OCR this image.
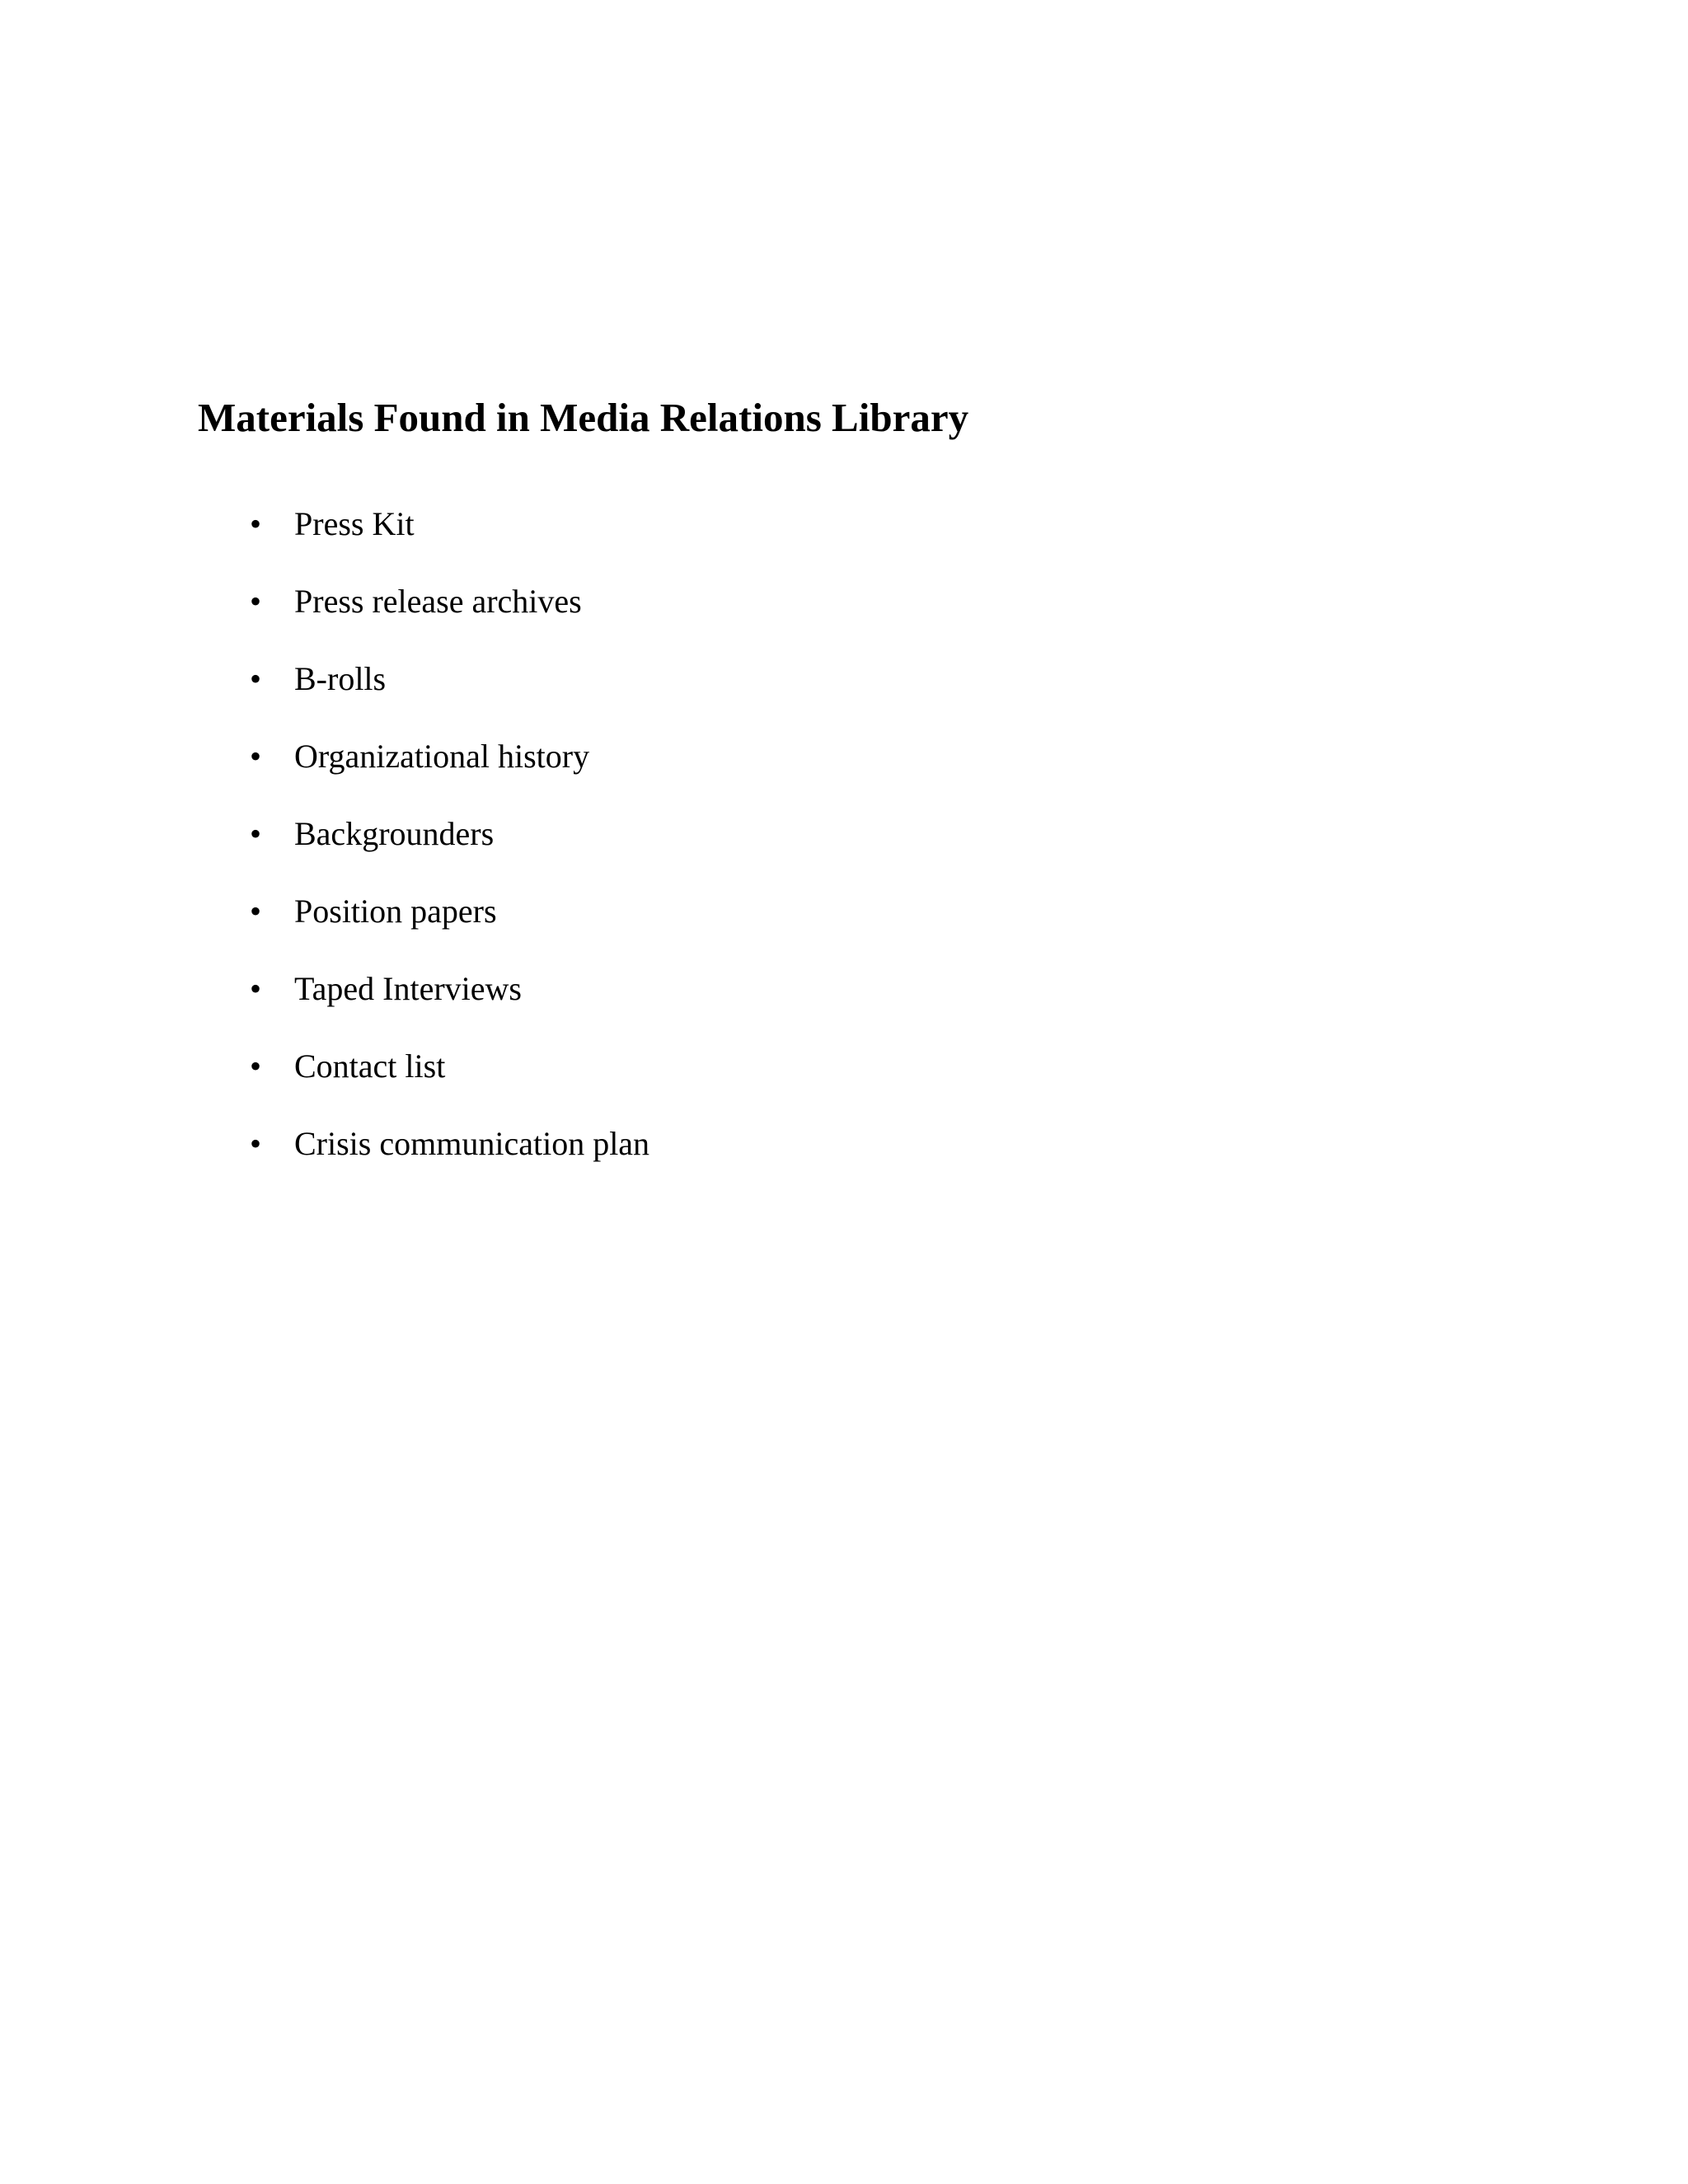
Materials Found in Media Relations Library
• Press Kit
• Press release archives
• B-rolls
• Organizational history
• Backgrounders
• Position papers
• Taped Interviews
• Contact list
• Crisis communication plan
